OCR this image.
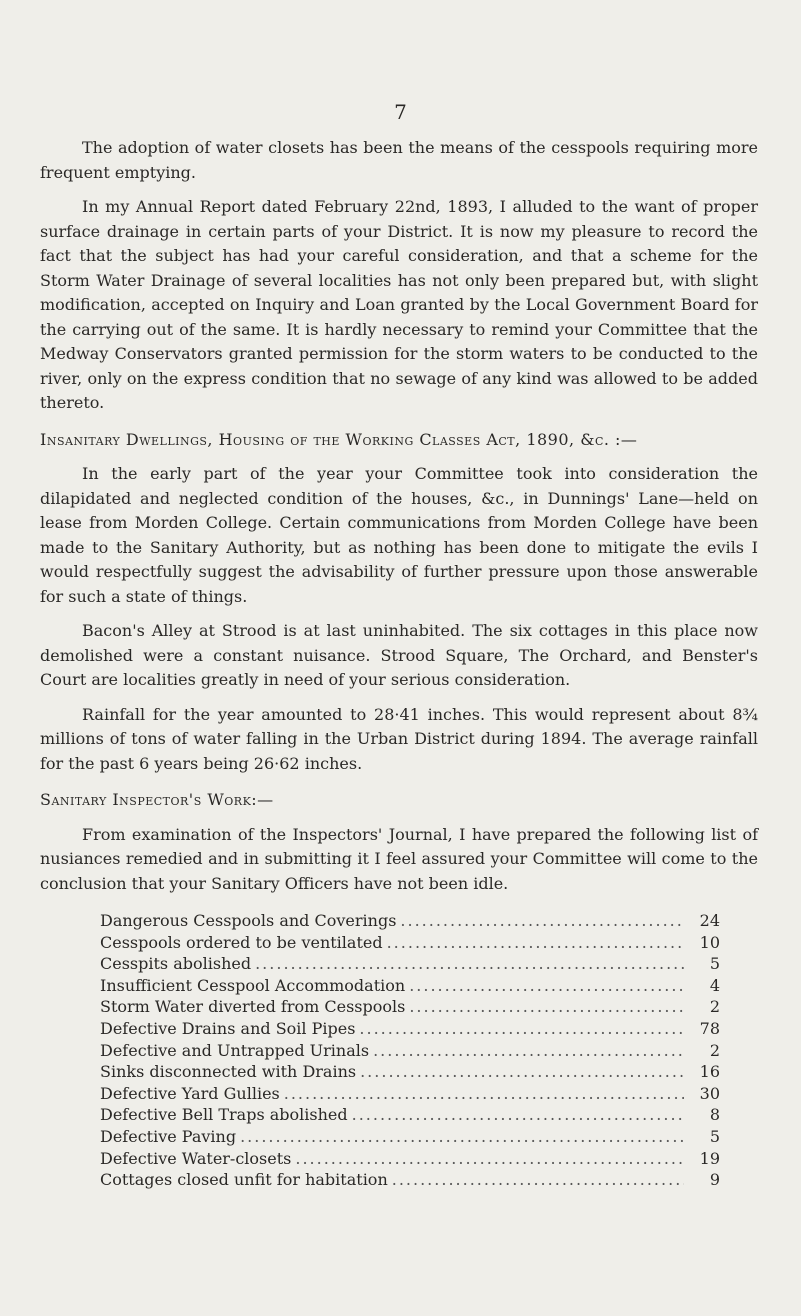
7

The adoption of water closets has been the means of the cesspools requiring more frequent emptying.

In my Annual Report dated February 22nd, 1893, I alluded to the want of proper surface drainage in certain parts of your District. It is now my pleasure to record the fact that the subject has had your careful consideration, and that a scheme for the Storm Water Drainage of several localities has not only been prepared but, with slight modification, accepted on Inquiry and Loan granted by the Local Government Board for the carrying out of the same. It is hardly necessary to remind your Committee that the Medway Conservators granted permission for the storm waters to be conducted to the river, only on the express condition that no sewage of any kind was allowed to be added thereto.

Insanitary Dwellings, Housing of the Working Classes Act, 1890, &c. :—

In the early part of the year your Committee took into consideration the dilapidated and neglected condition of the houses, &c., in Dunnings' Lane—held on lease from Morden College. Certain communications from Morden College have been made to the Sanitary Authority, but as nothing has been done to mitigate the evils I would respectfully suggest the advisability of further pressure upon those answerable for such a state of things.

Bacon's Alley at Strood is at last uninhabited. The six cottages in this place now demolished were a constant nuisance. Strood Square, The Orchard, and Benster's Court are localities greatly in need of your serious consideration.

Rainfall for the year amounted to 28·41 inches. This would represent about 8¾ millions of tons of water falling in the Urban District during 1894. The average rainfall for the past 6 years being 26·62 inches.

Sanitary Inspector's Work:—

From examination of the Inspectors' Journal, I have prepared the following list of nusiances remedied and in submitting it I feel assured your Committee will come to the conclusion that your Sanitary Officers have not been idle.

Dangerous Cesspools and Coverings .....	24
Cesspools ordered to be ventilated .....	10
Cesspits abolished .....	5
Insufficient Cesspool Accommodation .....	4
Storm Water diverted from Cesspools .....	2
Defective Drains and Soil Pipes .....	78
Defective and Untrapped Urinals .....	2
Sinks disconnected with Drains .....	16
Defective Yard Gullies .....	30
Defective Bell Traps abolished .....	8
Defective Paving .....	5
Defective Water-closets .....	19
Cottages closed unfit for habitation .....	9
